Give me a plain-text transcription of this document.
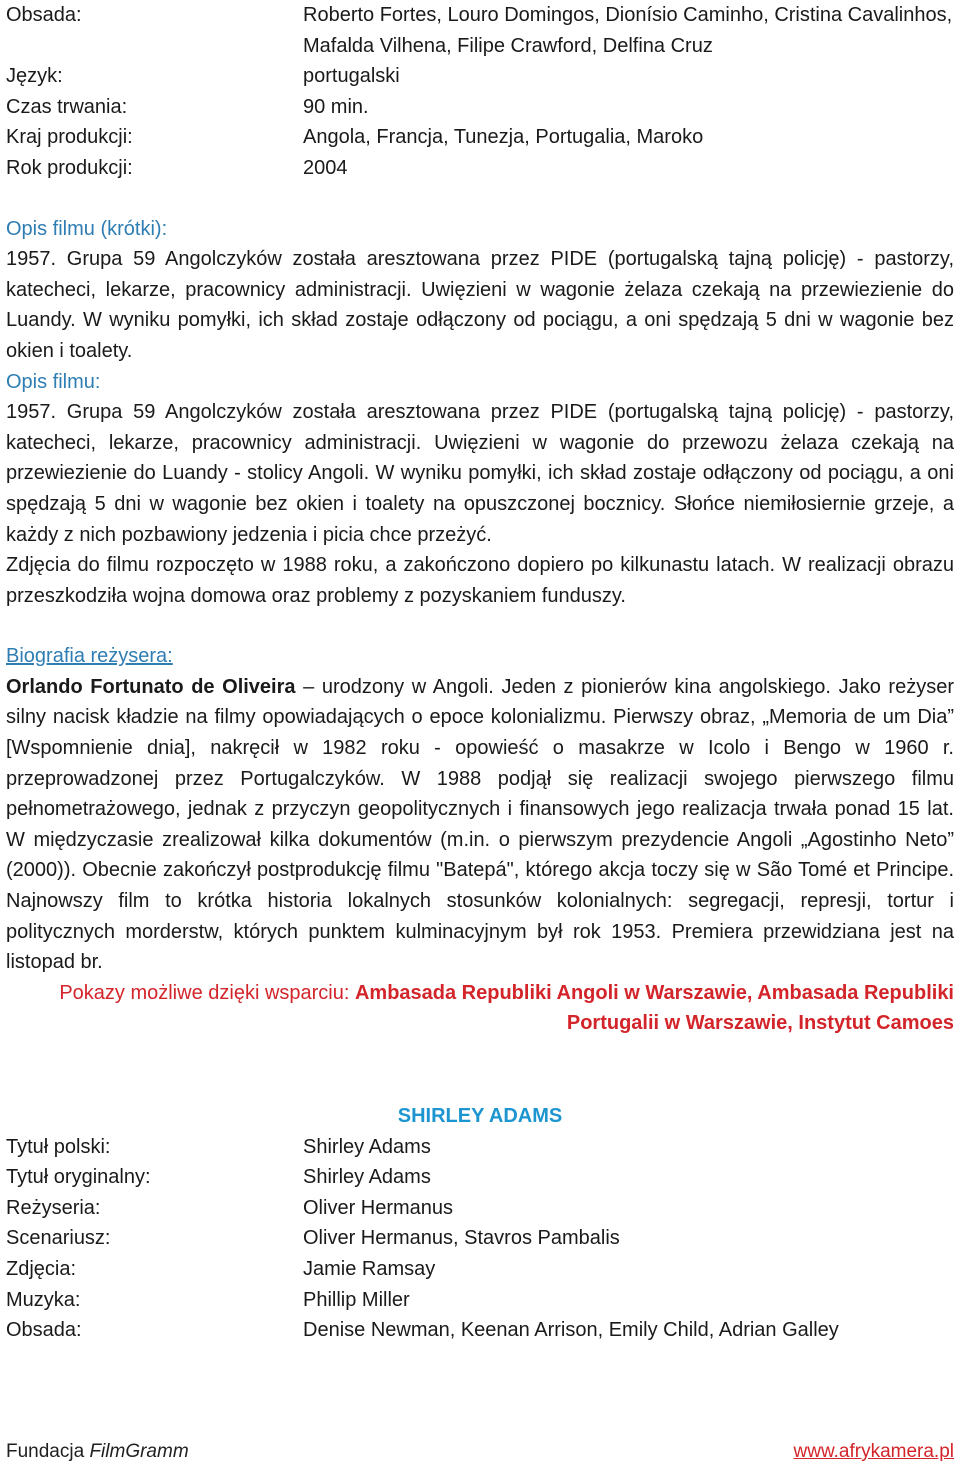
Obsada:	Roberto Fortes, Louro Domingos, Dionísio Caminho, Cristina Cavalinhos, Mafalda Vilhena, Filipe Crawford, Delfina Cruz
Język:	portugalski
Czas trwania:	90 min.
Kraj produkcji:	Angola, Francja, Tunezja, Portugalia, Maroko
Rok produkcji:	2004
Opis filmu (krótki):

1957. Grupa 59 Angolczyków została aresztowana przez PIDE (portugalską tajną policję) - pastorzy, katecheci, lekarze, pracownicy administracji. Uwięzieni w wagonie żelaza czekają na przewiezienie do Luandy. W wyniku pomyłki, ich skład zostaje odłączony od pociągu, a oni spędzają 5 dni w wagonie bez okien i toalety.

Opis filmu:

1957. Grupa 59 Angolczyków została aresztowana przez PIDE (portugalską tajną policję) - pastorzy, katecheci, lekarze, pracownicy administracji. Uwięzieni w wagonie do przewozu żelaza czekają na przewiezienie do Luandy - stolicy Angoli. W wyniku pomyłki, ich skład zostaje odłączony od pociągu, a oni spędzają 5 dni w wagonie bez okien i toalety na opuszczonej bocznicy. Słońce niemiłosiernie grzeje, a każdy z nich pozbawiony jedzenia i picia chce przeżyć.

Zdjęcia do filmu rozpoczęto w 1988 roku, a zakończono dopiero po kilkunastu latach. W realizacji obrazu przeszkodziła wojna domowa oraz problemy z pozyskaniem funduszy.

Biografia reżysera:

Orlando Fortunato de Oliveira – urodzony w Angoli. Jeden z pionierów kina angolskiego. Jako reżyser silny nacisk kładzie na filmy opowiadających o epoce kolonializmu. Pierwszy obraz, „Memoria de um Dia” [Wspomnienie dnia], nakręcił w 1982 roku - opowieść o masakrze w Icolo i Bengo w 1960 r. przeprowadzonej przez Portugalczyków. W 1988 podjął się realizacji swojego pierwszego filmu pełnometrażowego, jednak z przyczyn geopolitycznych i finansowych jego realizacja trwała ponad 15 lat. W międzyczasie zrealizował kilka dokumentów (m.in. o pierwszym prezydencie Angoli „Agostinho Neto” (2000)). Obecnie zakończył postprodukcję filmu "Batepá", którego akcja toczy się w São Tomé et Principe. Najnowszy film to krótka historia lokalnych stosunków kolonialnych: segregacji, represji, tortur i politycznych morderstw, których punktem kulminacyjnym był rok 1953. Premiera przewidziana jest na listopad br.

Pokazy możliwe dzięki wsparciu: Ambasada Republiki Angoli w Warszawie, Ambasada Republiki Portugalii w Warszawie, Instytut Camoes

SHIRLEY ADAMS
Tytuł polski:	Shirley Adams
Tytuł oryginalny:	Shirley Adams
Reżyseria:	Oliver Hermanus
Scenariusz:	Oliver Hermanus, Stavros Pambalis
Zdjęcia:	Jamie Ramsay
Muzyka:	Phillip Miller
Obsada:	Denise Newman, Keenan Arrison, Emily Child, Adrian Galley
Fundacja FilmGramm	www.afrykamera.pl
